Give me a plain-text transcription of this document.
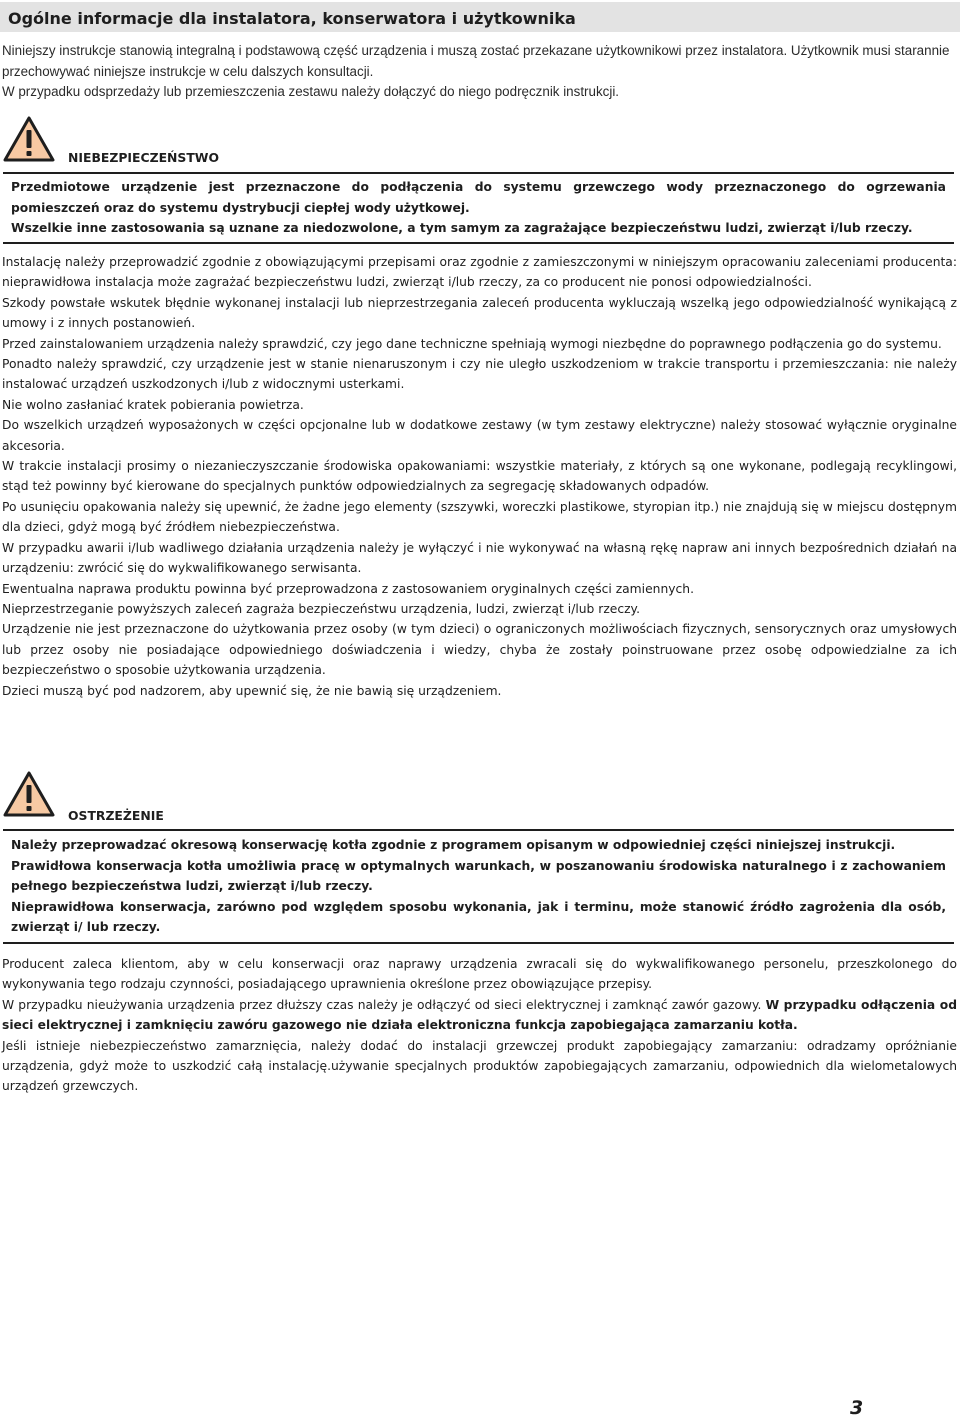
Ogólne informacje dla instalatora, konserwatora i użytkownika

Niniejszy instrukcje stanowią integralną i podstawową część urządzenia i muszą zostać przekazane użytkownikowi przez instalatora. Użytkownik musi starannie przechowywać niniejsze instrukcje w celu dalszych konsultacji.

W przypadku odsprzedaży lub przemieszczenia zestawu należy dołączyć do niego podręcznik instrukcji.

NIEBEZPIECZEŃSTWO

Przedmiotowe urządzenie jest przeznaczone do podłączenia do systemu grzewczego wody przeznaczonego do ogrzewania pomieszczeń oraz do systemu dystrybucji ciepłej wody użytkowej.

Wszelkie inne zastosowania są uznane za niedozwolone, a tym samym za zagrażające bezpieczeństwu ludzi, zwierząt i/lub rzeczy.

Instalację należy przeprowadzić zgodnie z obowiązującymi przepisami oraz zgodnie z zamieszczonymi w niniejszym opracowaniu zaleceniami producenta: nieprawidłowa instalacja może zagrażać bezpieczeństwu ludzi, zwierząt i/lub rzeczy, za co producent nie ponosi odpowiedzialności.

Szkody powstałe wskutek błędnie wykonanej instalacji lub nieprzestrzegania zaleceń producenta wykluczają wszelką jego odpowiedzialność wynikającą z umowy i z innych postanowień.

Przed zainstalowaniem urządzenia należy sprawdzić, czy jego dane techniczne spełniają wymogi niezbędne do poprawnego podłączenia go do systemu.

Ponadto należy sprawdzić, czy urządzenie jest w stanie nienaruszonym i czy nie uległo uszkodzeniom w trakcie transportu i przemieszczania: nie należy instalować urządzeń uszkodzonych i/lub z widocznymi usterkami.

Nie wolno zasłaniać kratek pobierania powietrza.

Do wszelkich urządzeń wyposażonych w części opcjonalne lub w dodatkowe zestawy (w tym zestawy elektryczne) należy stosować wyłącznie oryginalne akcesoria.

W trakcie instalacji prosimy o niezanieczyszczanie środowiska opakowaniami: wszystkie materiały, z których są one wykonane, podlegają recyklingowi, stąd też powinny być kierowane do specjalnych punktów odpowiedzialnych za segregację składowanych odpadów.

Po usunięciu opakowania należy się upewnić, że żadne jego elementy (szszywki, woreczki plastikowe, styropian itp.) nie znajdują się w miejscu dostępnym dla dzieci, gdyż mogą być źródłem niebezpieczeństwa.

W przypadku awarii i/lub wadliwego działania urządzenia należy je wyłączyć i nie wykonywać na własną rękę napraw ani innych bezpośrednich działań na urządzeniu: zwrócić się do wykwalifikowanego serwisanta.

Ewentualna naprawa produktu powinna być przeprowadzona z zastosowaniem oryginalnych części zamiennych.

Nieprzestrzeganie powyższych zaleceń zagraża bezpieczeństwu urządzenia, ludzi, zwierząt i/lub rzeczy.

Urządzenie nie jest przeznaczone do użytkowania przez osoby (w tym dzieci) o ograniczonych możliwościach fizycznych, sensorycznych oraz umysłowych lub przez osoby nie posiadające odpowiedniego doświadczenia i wiedzy, chyba że zostały poinstruowane przez osobę odpowiedzialne za ich bezpieczeństwo o sposobie użytkowania urządzenia.

Dzieci muszą być pod nadzorem, aby upewnić się, że nie bawią się urządzeniem.

OSTRZEŻENIE

Należy przeprowadzać okresową konserwację kotła zgodnie z programem opisanym w odpowiedniej części niniejszej instrukcji.

Prawidłowa konserwacja kotła umożliwia pracę w optymalnych warunkach, w poszanowaniu środowiska naturalnego i z zachowaniem pełnego bezpieczeństwa ludzi, zwierząt i/lub rzeczy.

Nieprawidłowa konserwacja, zarówno pod względem sposobu wykonania, jak i terminu, może stanowić źródło zagrożenia dla osób, zwierząt i/ lub rzeczy.

Producent zaleca klientom, aby w celu konserwacji oraz naprawy urządzenia zwracali się do wykwalifikowanego personelu, przeszkolonego do wykonywania tego rodzaju czynności, posiadającego uprawnienia określone przez obowiązujące przepisy.

W przypadku nieużywania urządzenia przez dłuższy czas należy je odłączyć od sieci elektrycznej i zamknąć zawór gazowy. W przypadku odłączenia od sieci elektrycznej i zamknięciu zawóru gazowego nie działa elektroniczna funkcja zapobiegająca zamarzaniu kotła.

Jeśli istnieje niebezpieczeństwo zamarznięcia, należy dodać do instalacji grzewczej produkt zapobiegający zamarzaniu: odradzamy opróżnianie urządzenia, gdyż może to uszkodzić całą instalację.używanie specjalnych produktów zapobiegających zamarzaniu, odpowiednich dla wielometalowych urządzeń grzewczych.

3
